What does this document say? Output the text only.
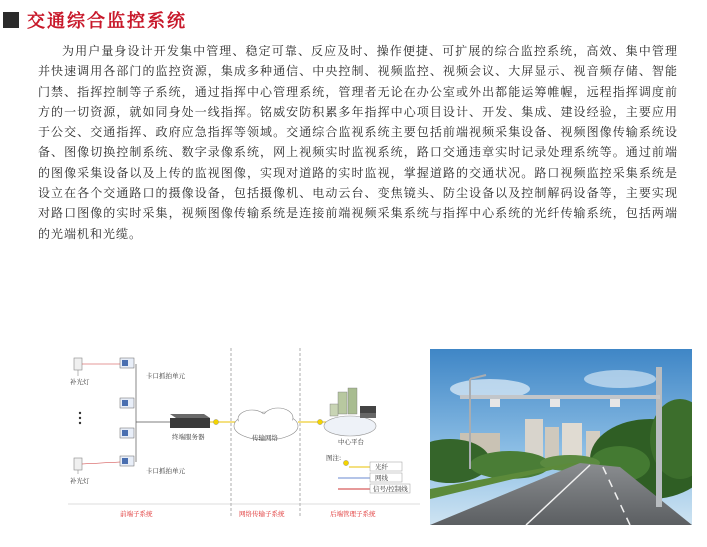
交通综合监控系统
为用户量身设计开发集中管理、稳定可靠、反应及时、操作便捷、可扩展的综合监控系统，高效、集中管理并快速调用各部门的监控资源，集成多种通信、中央控制、视频监控、视频会议、大屏显示、视音频存储、智能门禁、指挥控制等子系统，通过指挥中心管理系统，管理者无论在办公室或外出都能运筹帷幄，远程指挥调度前方的一切资源，就如同身处一线指挥。铭威安防积累多年指挥中心项目设计、开发、集成、建设经验，主要应用于公交、交通指挥、政府应急指挥等领域。交通综合监视系统主要包括前端视频采集设备、视频图像传输系统设备、图像切换控制系统、数字录像系统，网上视频实时监视系统，路口交通违章实时记录处理系统等。通过前端的图像采集设备以及上传的监视图像，实现对道路的实时监视，掌握道路的交通状况。路口视频监控采集系统是设立在各个交通路口的摄像设备，包括摄像机、电动云台、变焦镜头、防尘设备以及控制解码设备等，主要实现对路口图像的实时采集，视频图像传输系统是连接前端视频采集系统与指挥中心系统的光纤传输系统，包括两端的光端机和光缆。
补光灯
补光灯
卡口抓拍单元
卡口抓拍单元
终端服务器	传输网络	中心平台
图注:
光纤
网线
信号/控制线
前端子系统	网络传输子系统	后端管理子系统
